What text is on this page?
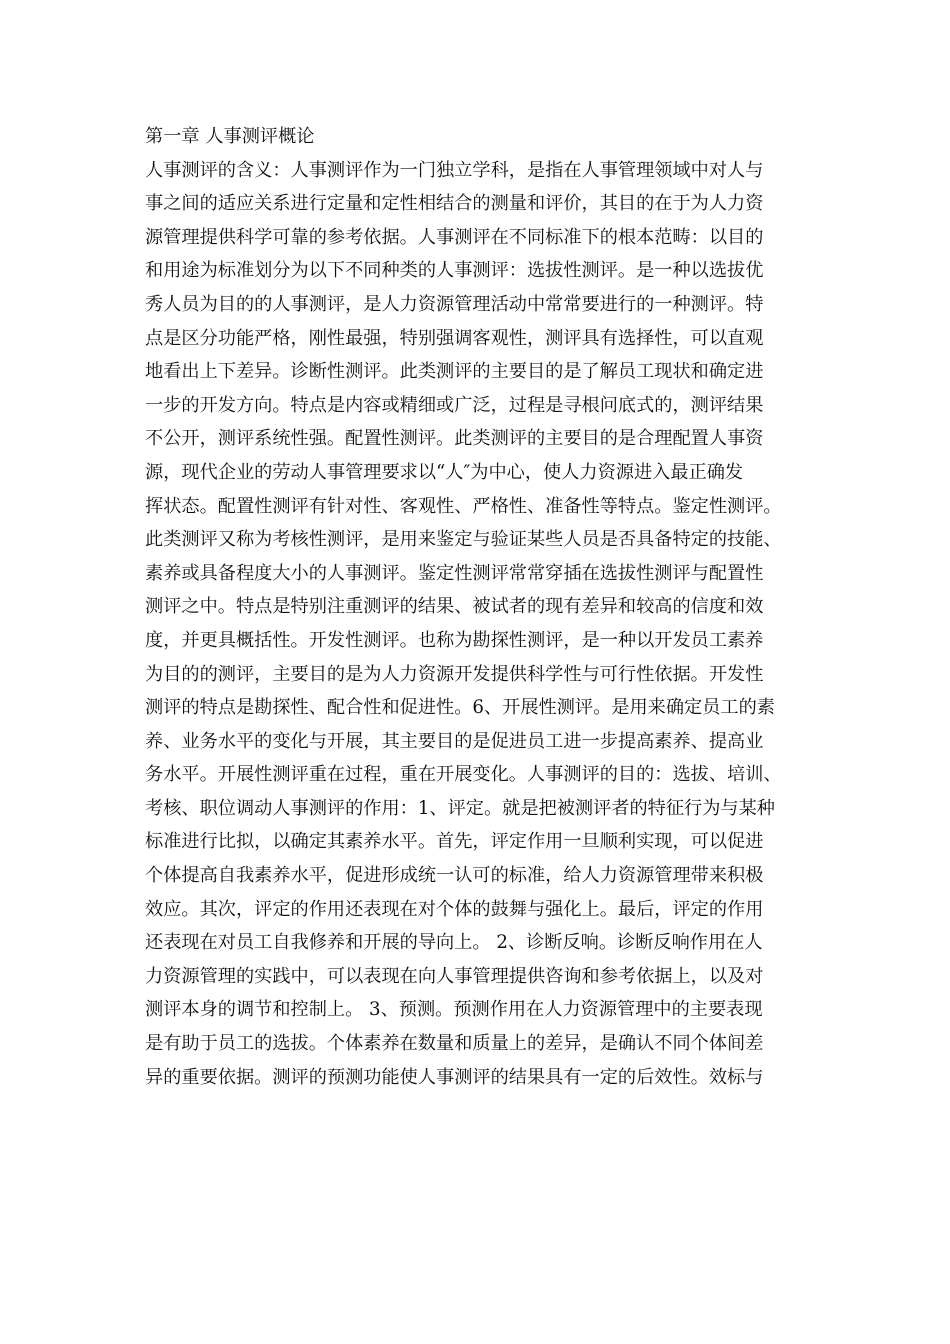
第一章 人事测评概论
人事测评的含义：人事测评作为一门独立学科，是指在人事管理领域中对人与
事之间的适应关系进行定量和定性相结合的测量和评价，其目的在于为人力资
源管理提供科学可靠的参考依据。人事测评在不同标准下的根本范畴：以目的
和用途为标准划分为以下不同种类的人事测评：选拔性测评。是一种以选拔优
秀人员为目的的人事测评，是人力资源管理活动中常常要进行的一种测评。特
点是区分功能严格，刚性最强，特别强调客观性，测评具有选择性，可以直观
地看出上下差异。诊断性测评。此类测评的主要目的是了解员工现状和确定进
一步的开发方向。特点是内容或精细或广泛，过程是寻根问底式的，测评结果
不公开，测评系统性强。配置性测评。此类测评的主要目的是合理配置人事资
源，现代企业的劳动人事管理要求以“人″为中心，使人力资源进入最正确发
挥状态。配置性测评有针对性、客观性、严格性、准备性等特点。鉴定性测评。
此类测评又称为考核性测评，是用来鉴定与验证某些人员是否具备特定的技能、
素养或具备程度大小的人事测评。鉴定性测评常常穿插在选拔性测评与配置性
测评之中。特点是特别注重测评的结果、被试者的现有差异和较高的信度和效
度，并更具概括性。开发性测评。也称为勘探性测评，是一种以开发员工素养
为目的的测评，主要目的是为人力资源开发提供科学性与可行性依据。开发性
测评的特点是勘探性、配合性和促进性。6、开展性测评。是用来确定员工的素
养、业务水平的变化与开展，其主要目的是促进员工进一步提高素养、提高业
务水平。开展性测评重在过程，重在开展变化。人事测评的目的：选拔、培训、
考核、职位调动人事测评的作用：1、评定。就是把被测评者的特征行为与某种
标准进行比拟，以确定其素养水平。首先，评定作用一旦顺利实现，可以促进
个体提高自我素养水平，促进形成统一认可的标准，给人力资源管理带来积极
效应。其次，评定的作用还表现在对个体的鼓舞与强化上。最后，评定的作用
还表现在对员工自我修养和开展的导向上。 2、诊断反响。诊断反响作用在人
力资源管理的实践中，可以表现在向人事管理提供咨询和参考依据上，以及对
测评本身的调节和控制上。 3、预测。预测作用在人力资源管理中的主要表现
是有助于员工的选拔。个体素养在数量和质量上的差异，是确认不同个体间差
异的重要依据。测评的预测功能使人事测评的结果具有一定的后效性。效标与
